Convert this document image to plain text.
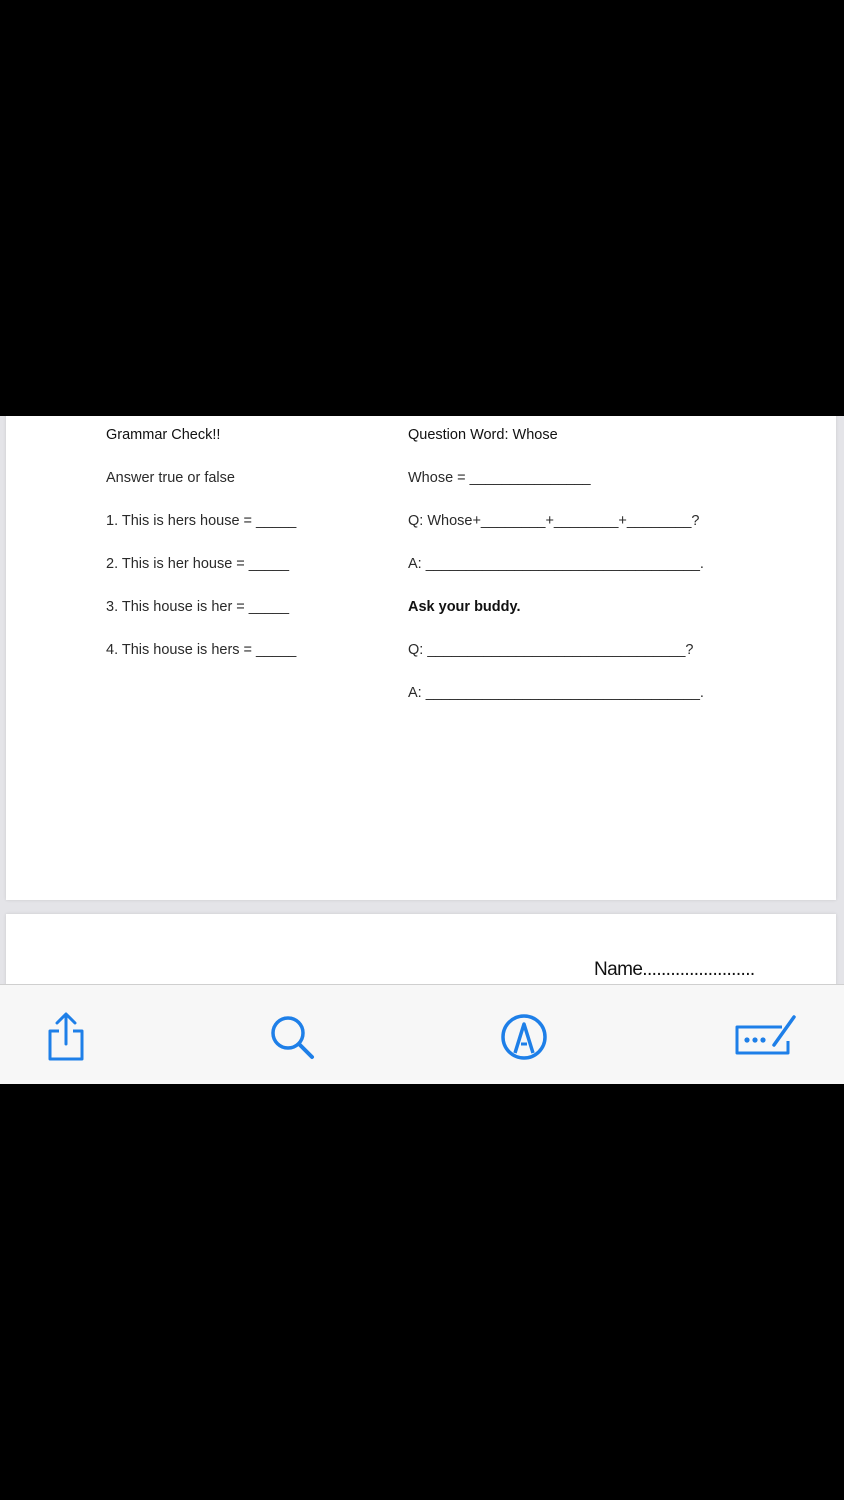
Grammar Check!!
Answer true or false
1. This is hers house = _____
2. This is her house = _____
3. This house is her = _____
4. This house is hers = _____
Question Word: Whose
Whose = _______________
Q: Whose+________+________+________?
A: __________________________________.
Ask your buddy.
Q: ________________________________?
A: __________________________________.
Name........................
